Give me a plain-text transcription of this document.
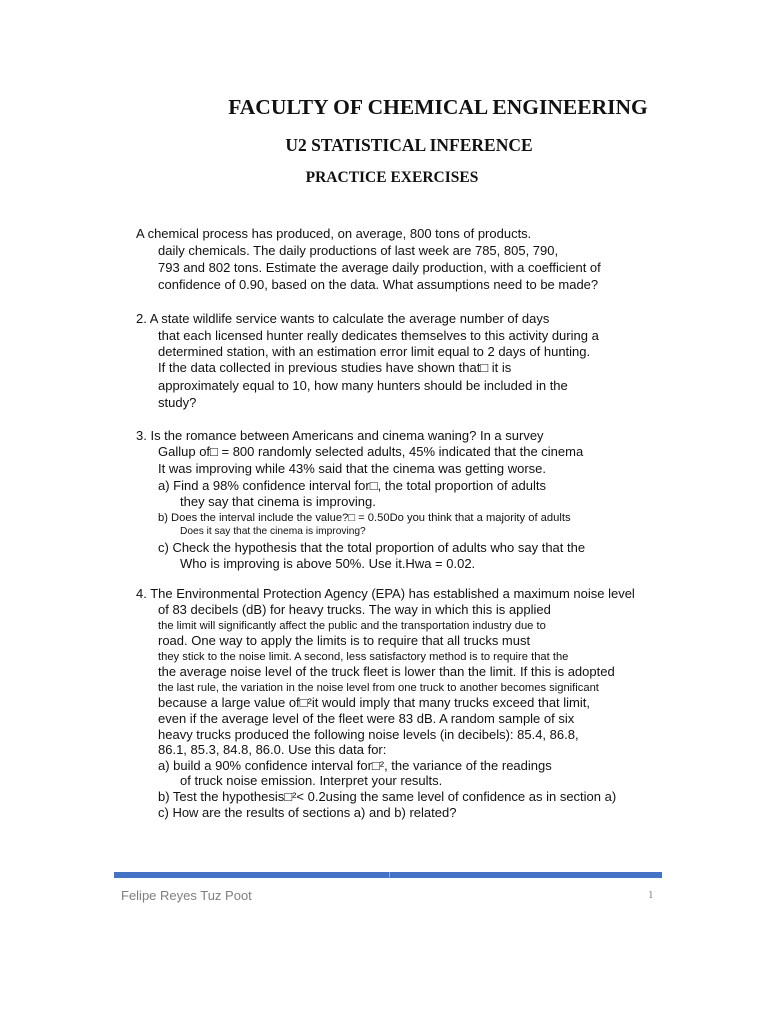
FACULTY OF CHEMICAL ENGINEERING
U2 STATISTICAL INFERENCE
PRACTICE EXERCISES
A chemical process has produced, on average, 800 tons of products.
daily chemicals. The daily productions of last week are 785, 805, 790,
793 and 802 tons. Estimate the average daily production, with a coefficient of
confidence of 0.90, based on the data. What assumptions need to be made?
2. A state wildlife service wants to calculate the average number of days
that each licensed hunter really dedicates themselves to this activity during a
determined station, with an estimation error limit equal to 2 days of hunting.
If the data collected in previous studies have shown that□ it is
approximately equal to 10, how many hunters should be included in the
study?
3. Is the romance between Americans and cinema waning? In a survey
Gallup of□ = 800 randomly selected adults, 45% indicated that the cinema
It was improving while 43% said that the cinema was getting worse.
a) Find a 98% confidence interval for□, the total proportion of adults
they say that cinema is improving.
b) Does the interval include the value?□ = 0.50Do you think that a majority of adults
Does it say that the cinema is improving?
c) Check the hypothesis that the total proportion of adults who say that the
Who is improving is above 50%. Use it.Hwa = 0.02.
4. The Environmental Protection Agency (EPA) has established a maximum noise level
of 83 decibels (dB) for heavy trucks. The way in which this is applied
the limit will significantly affect the public and the transportation industry due to
road. One way to apply the limits is to require that all trucks must
they stick to the noise limit. A second, less satisfactory method is to require that the
the average noise level of the truck fleet is lower than the limit. If this is adopted
the last rule, the variation in the noise level from one truck to another becomes significant
because a large value of□²it would imply that many trucks exceed that limit,
even if the average level of the fleet were 83 dB. A random sample of six
heavy trucks produced the following noise levels (in decibels): 85.4, 86.8,
86.1, 85.3, 84.8, 86.0. Use this data for:
a) build a 90% confidence interval for□², the variance of the readings
of truck noise emission. Interpret your results.
b) Test the hypothesis□²< 0.2using the same level of confidence as in section a)
c) How are the results of sections a) and b) related?
Felipe Reyes Tuz Poot	1
